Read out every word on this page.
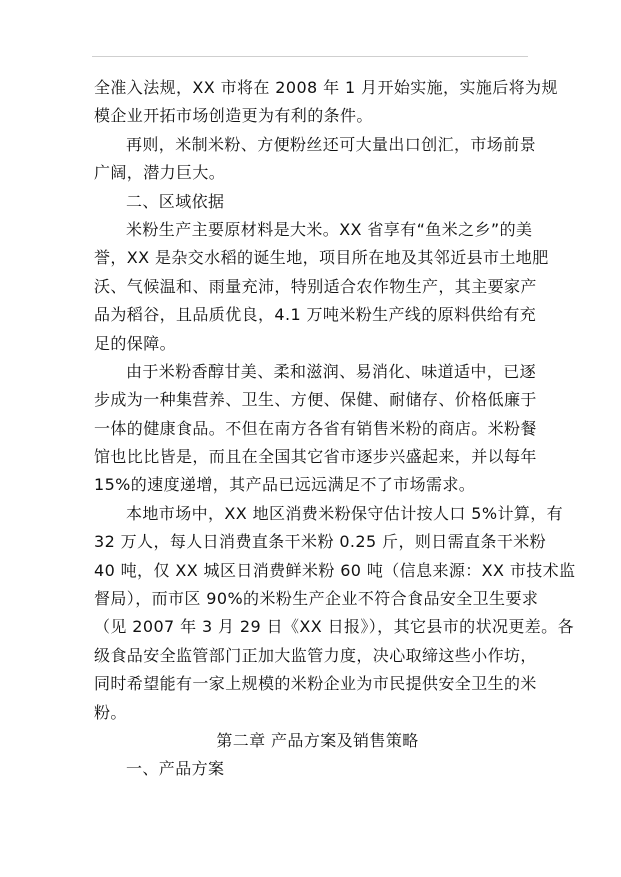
全准入法规，XX 市将在 2008 年 1 月开始实施，实施后将为规
模企业开拓市场创造更为有利的条件。
再则，米制米粉、方便粉丝还可大量出口创汇，市场前景
广阔，潜力巨大。
二、区域依据
米粉生产主要原材料是大米。XX 省享有“鱼米之乡”的美
誉，XX 是杂交水稻的诞生地，项目所在地及其邻近县市土地肥
沃、气候温和、雨量充沛，特别适合农作物生产，其主要家产
品为稻谷，且品质优良，4.1 万吨米粉生产线的原料供给有充
足的保障。
由于米粉香醇甘美、柔和滋润、易消化、味道适中，已逐
步成为一种集营养、卫生、方便、保健、耐储存、价格低廉于
一体的健康食品。不但在南方各省有销售米粉的商店。米粉餐
馆也比比皆是，而且在全国其它省市逐步兴盛起来，并以每年
15%的速度递增，其产品已远远满足不了市场需求。
本地市场中，XX 地区消费米粉保守估计按人口 5%计算，有
32 万人，每人日消费直条干米粉 0.25 斤，则日需直条干米粉
40 吨，仅 XX 城区日消费鲜米粉 60 吨（信息来源：XX 市技术监
督局），而市区 90%的米粉生产企业不符合食品安全卫生要求
（见 2007 年 3 月 29 日《XX 日报》），其它县市的状况更差。各
级食品安全监管部门正加大监管力度，决心取缔这些小作坊，
同时希望能有一家上规模的米粉企业为市民提供安全卫生的米
粉。
第二章 产品方案及销售策略
一、产品方案
